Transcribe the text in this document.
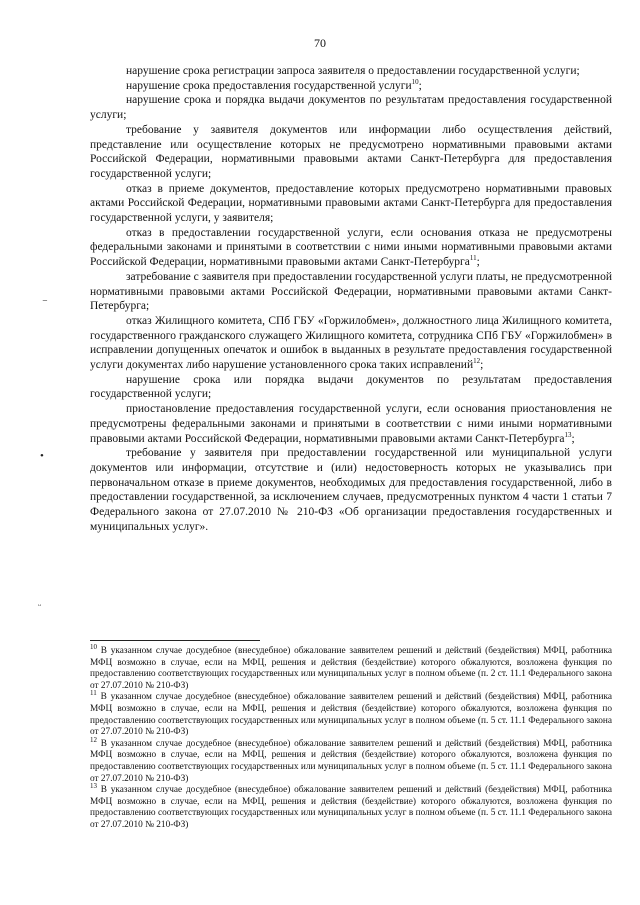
70

нарушение срока регистрации запроса заявителя о предоставлении государственной услуги;

нарушение срока предоставления государственной услуги$^{10}$;

нарушение срока и порядка выдачи документов по результатам предоставления государственной услуги;

требование у заявителя документов или информации либо осуществления действий, представление или осуществление которых не предусмотрено нормативными правовыми актами Российской Федерации, нормативными правовыми актами Санкт-Петербурга для предоставления государственной услуги;

отказ в приеме документов, предоставление которых предусмотрено нормативными правовых актами Российской Федерации, нормативными правовыми актами Санкт-Петербурга для предоставления государственной услуги, у заявителя;

отказ в предоставлении государственной услуги, если основания отказа не предусмотрены федеральными законами и принятыми в соответствии с ними иными нормативными правовыми актами Российской Федерации, нормативными правовыми актами Санкт-Петербурга$^{11}$;

затребование с заявителя при предоставлении государственной услуги платы, не предусмотренной нормативными правовыми актами Российской Федерации, нормативными правовыми актами Санкт-Петербурга;

отказ Жилищного комитета, СПб ГБУ «Горжилобмен», должностного лица Жилищного комитета, государственного гражданского служащего Жилищного комитета, сотрудника СПб ГБУ «Горжилобмен» в исправлении допущенных опечаток и ошибок в выданных в результате предоставления государственной услуги документах либо нарушение установленного срока таких исправлений$^{12}$;

нарушение срока или порядка выдачи документов по результатам предоставления государственной услуги;

приостановление предоставления государственной услуги, если основания приостановления не предусмотрены федеральными законами и принятыми в соответствии с ними иными нормативными правовыми актами Российской Федерации, нормативными правовыми актами Санкт-Петербурга$^{13}$;

требование у заявителя при предоставлении государственной или муниципальной услуги документов или информации, отсутствие и (или) недостоверность которых не указывались при первоначальном отказе в приеме документов, необходимых для предоставления государственной, либо в предоставлении государственной, за исключением случаев, предусмотренных пунктом 4 части 1 статьи 7 Федерального закона от 27.07.2010 № 210-ФЗ «Об организации предоставления государственных и муниципальных услуг».

$^{10}$ В указанном случае досудебное (внесудебное) обжалование заявителем решений и действий (бездействия) МФЦ, работника МФЦ возможно в случае, если на МФЦ, решения и действия (бездействие) которого обжалуются, возложена функция по предоставлению соответствующих государственных или муниципальных услуг в полном объеме (п. 2 ст. 11.1 Федерального закона от 27.07.2010 № 210-ФЗ)

$^{11}$ В указанном случае досудебное (внесудебное) обжалование заявителем решений и действий (бездействия) МФЦ, работника МФЦ возможно в случае, если на МФЦ, решения и действия (бездействие) которого обжалуются, возложена функция по предоставлению соответствующих государственных или муниципальных услуг в полном объеме (п. 5 ст. 11.1 Федерального закона от 27.07.2010 № 210-ФЗ)

$^{12}$ В указанном случае досудебное (внесудебное) обжалование заявителем решений и действий (бездействия) МФЦ, работника МФЦ возможно в случае, если на МФЦ, решения и действия (бездействие) которого обжалуются, возложена функция по предоставлению соответствующих государственных или муниципальных услуг в полном объеме (п. 5 ст. 11.1 Федерального закона от 27.07.2010 № 210-ФЗ)

$^{13}$ В указанном случае досудебное (внесудебное) обжалование заявителем решений и действий (бездействия) МФЦ, работника МФЦ возможно в случае, если на МФЦ, решения и действия (бездействие) которого обжалуются, возложена функция по предоставлению соответствующих государственных или муниципальных услуг в полном объеме (п. 5 ст. 11.1 Федерального закона от 27.07.2010 № 210-ФЗ)

⁻
•
ᵕ
